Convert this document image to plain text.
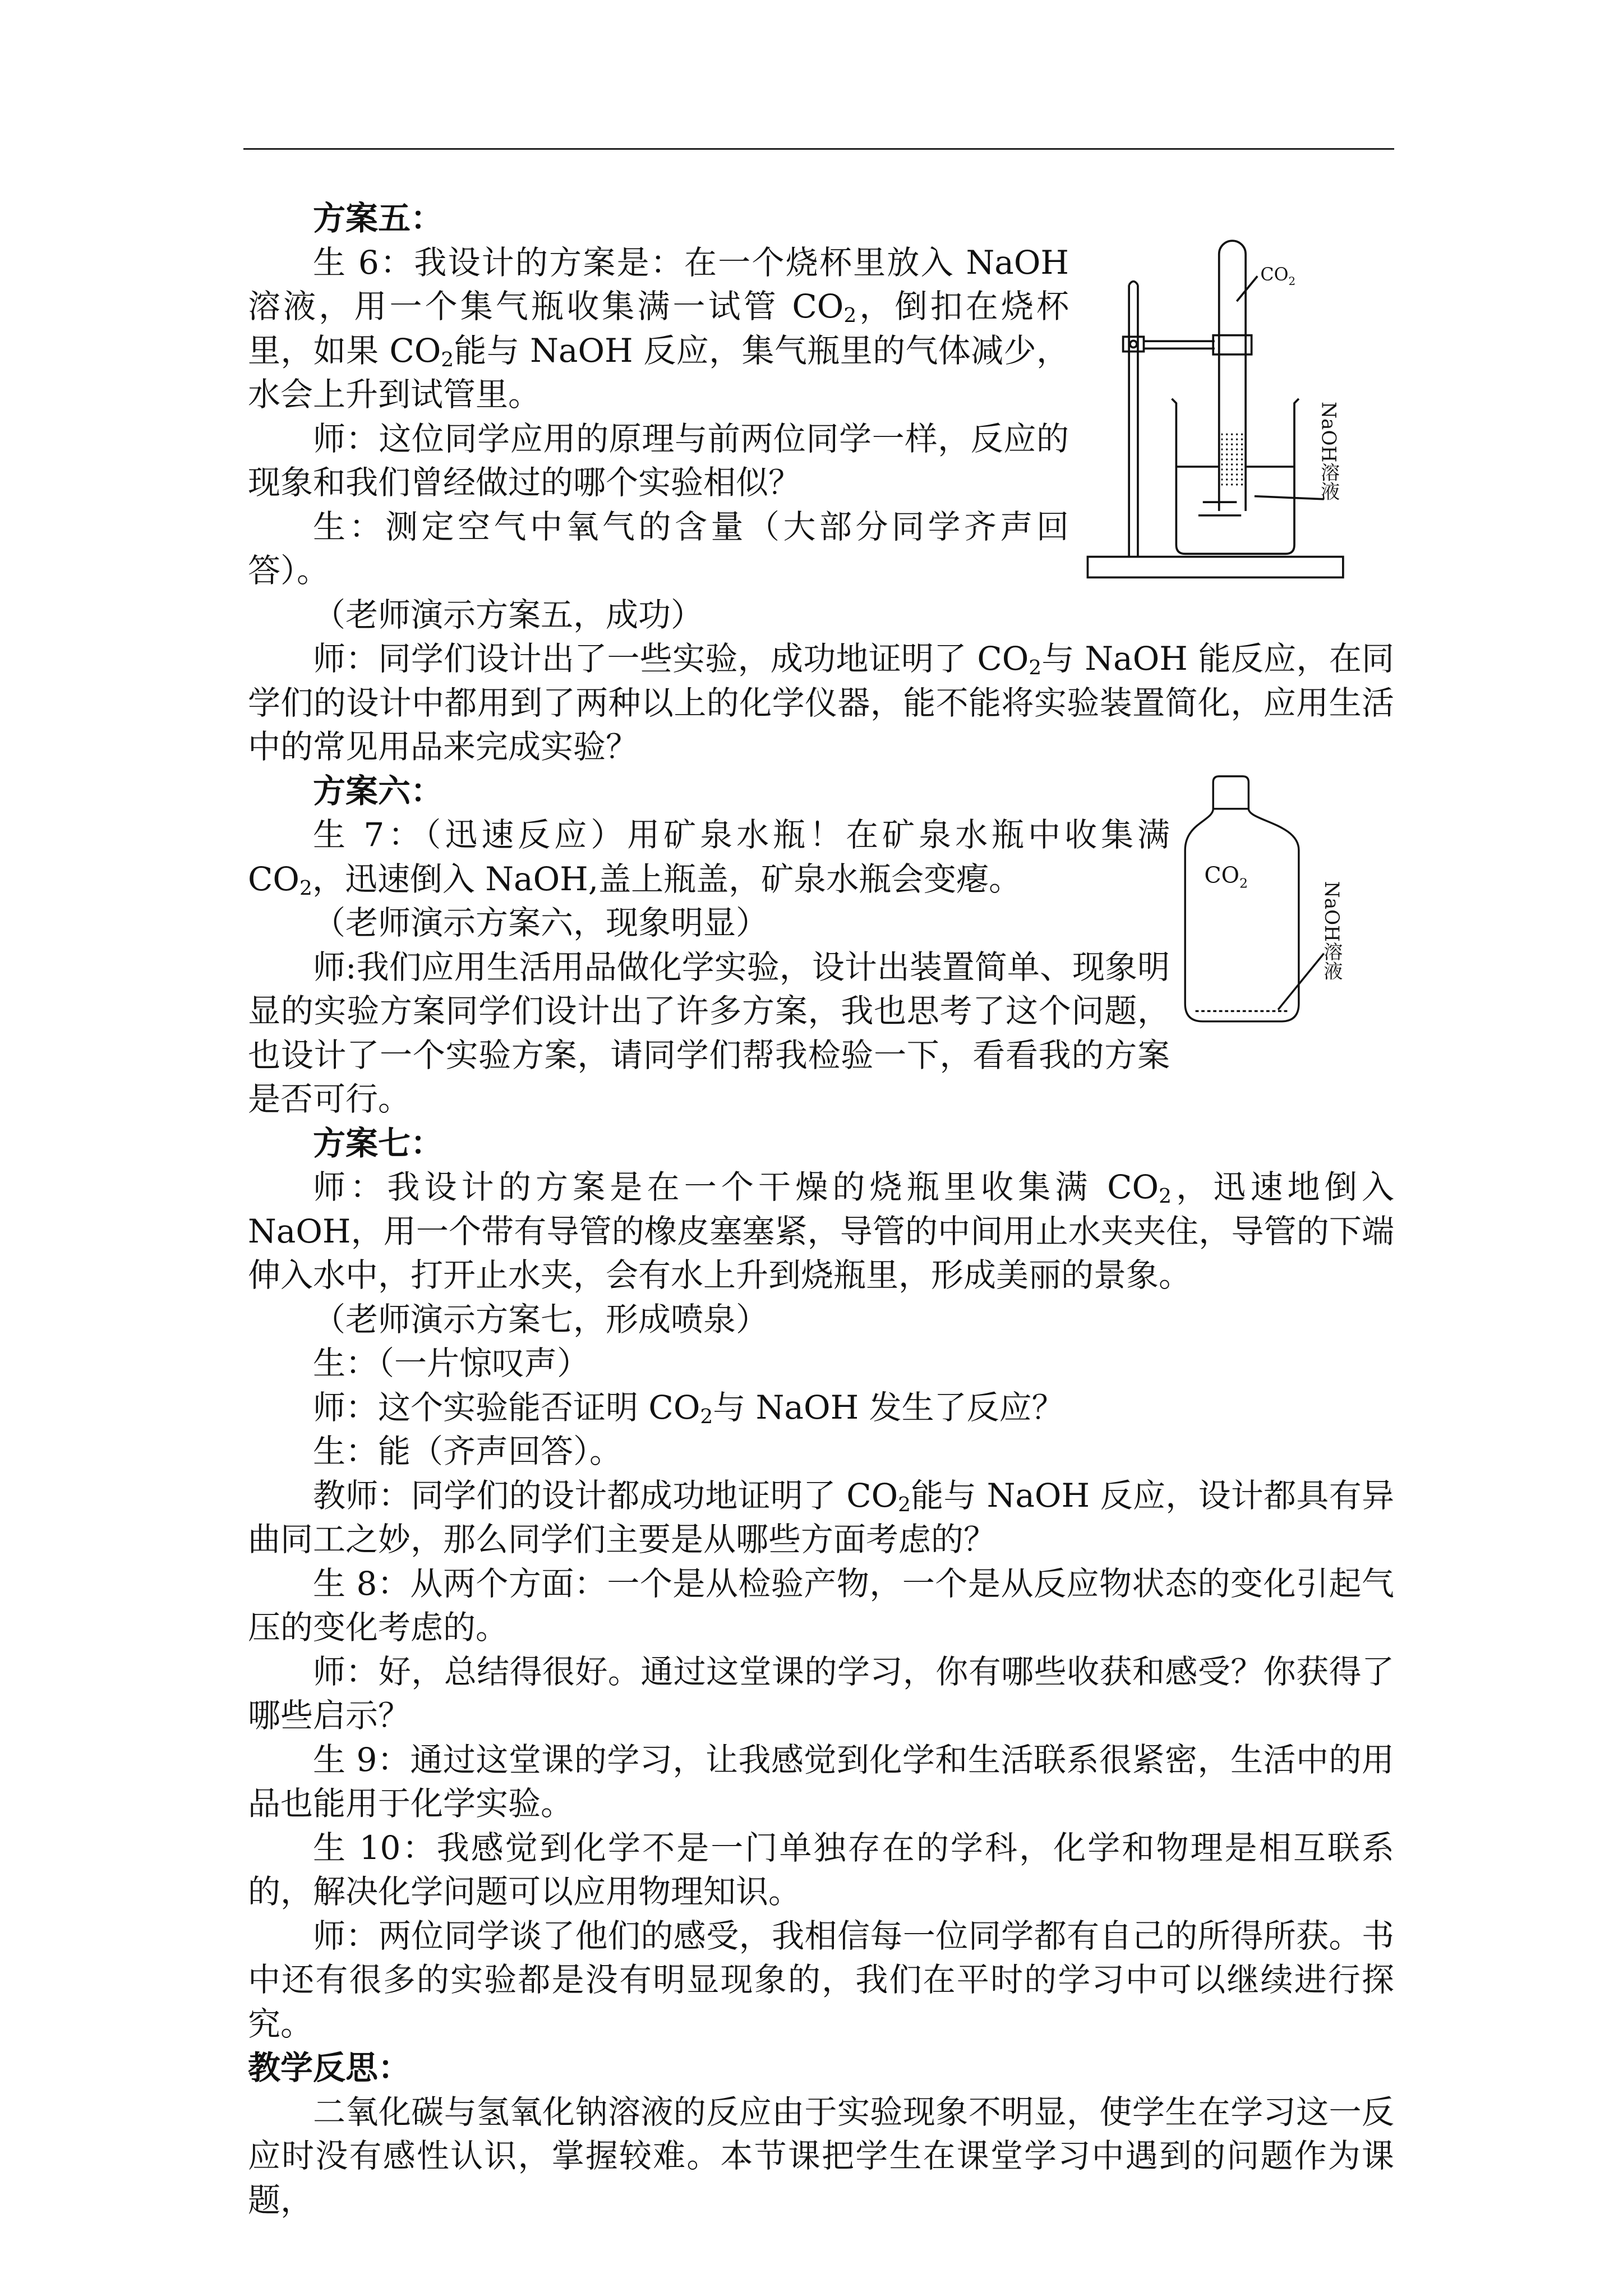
$CO_2$
NaOH溶液

方案五：

生 6：我设计的方案是：在一个烧杯里放入 NaOH 溶液，用一个集气瓶收集满一试管 $CO_2$，倒扣在烧杯里，如果 $CO_2$能与 NaOH 反应，集气瓶里的气体减少，水会上升到试管里。

师：这位同学应用的原理与前两位同学一样，反应的现象和我们曾经做过的哪个实验相似？

生：测定空气中氧气的含量（大部分同学齐声回答）。

（老师演示方案五，成功）

师：同学们设计出了一些实验，成功地证明了 $CO_2$与 NaOH 能反应，在同学们的设计中都用到了两种以上的化学仪器，能不能将实验装置简化，应用生活中的常见用品来完成实验？

$CO_2$	NaOH溶液

方案六：

生 7：（迅速反应）用矿泉水瓶！在矿泉水瓶中收集满 $CO_2$，迅速倒入 NaOH,盖上瓶盖，矿泉水瓶会变瘪。

（老师演示方案六，现象明显）

师:我们应用生活用品做化学实验，设计出装置简单、现象明显的实验方案同学们设计出了许多方案，我也思考了这个问题，也设计了一个实验方案，请同学们帮我检验一下，看看我的方案是否可行。

方案七：

师：我设计的方案是在一个干燥的烧瓶里收集满 $CO_2$，迅速地倒入 NaOH，用一个带有导管的橡皮塞塞紧，导管的中间用止水夹夹住，导管的下端伸入水中，打开止水夹，会有水上升到烧瓶里，形成美丽的景象。

（老师演示方案七，形成喷泉）

生：（一片惊叹声）

师：这个实验能否证明 $CO_2$与 NaOH 发生了反应？

生：能（齐声回答）。

教师：同学们的设计都成功地证明了 $CO_2$能与 NaOH 反应，设计都具有异曲同工之妙，那么同学们主要是从哪些方面考虑的？

生 8：从两个方面：一个是从检验产物，一个是从反应物状态的变化引起气压的变化考虑的。

师：好，总结得很好。通过这堂课的学习，你有哪些收获和感受？你获得了哪些启示？

生 9：通过这堂课的学习，让我感觉到化学和生活联系很紧密，生活中的用品也能用于化学实验。

生 10：我感觉到化学不是一门单独存在的学科，化学和物理是相互联系的，解决化学问题可以应用物理知识。

师：两位同学谈了他们的感受，我相信每一位同学都有自己的所得所获。书中还有很多的实验都是没有明显现象的，我们在平时的学习中可以继续进行探究。

教学反思：

二氧化碳与氢氧化钠溶液的反应由于实验现象不明显，使学生在学习这一反应时没有感性认识，掌握较难。本节课把学生在课堂学习中遇到的问题作为课题，
